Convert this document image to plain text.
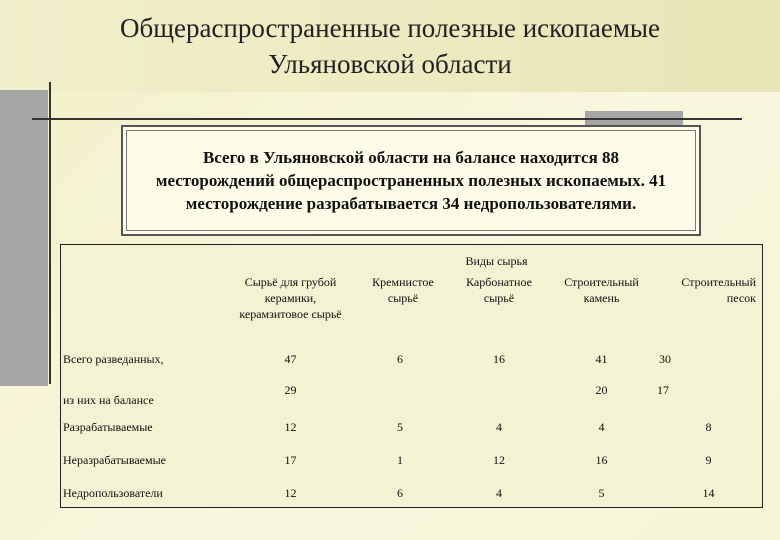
Общераспространенные полезные ископаемые
Ульяновской области
Всего в Ульяновской области на балансе находится 88 месторождений общераспространенных полезных ископаемых. 41 месторождение разрабатывается 34 недропользователями.
	Виды сырья				
	Сырьё для грубой керамики, керамзитовое сырьё	Кремнистое сырьё	Карбонатное сырьё	Строительный камень	Строительный песок
Всего разведанных,	47	6	16	41	30
из них на балансе	29			20	17
Разрабатываемые	12	5	4	4	8
Неразрабатываемые	17	1	12	16	9
Недропользователи	12	6	4	5	14
